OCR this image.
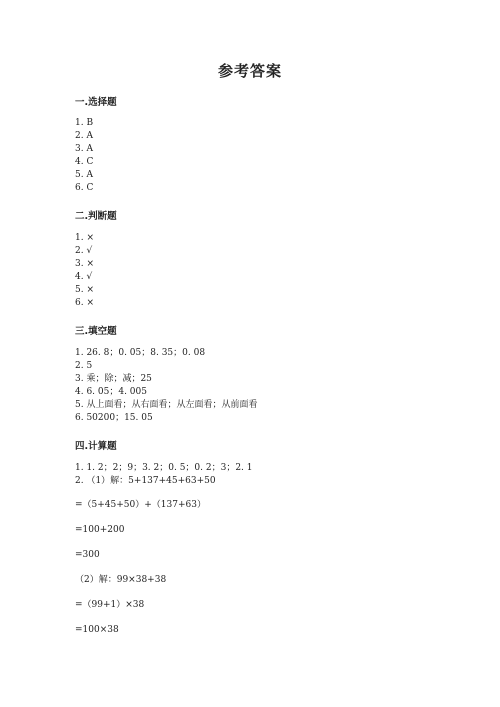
参考答案
一.选择题
1. B
2. A
3. A
4. C
5. A
6. C
二.判断题
1. ×
2. √
3. ×
4. √
5. ×
6. ×
三.填空题
1. 26. 8；0. 05；8. 35；0. 08
2. 5
3. 乘；除；减；25
4. 6. 05；4. 005
5. 从上面看；从右面看；从左面看；从前面看
6. 50200；15. 05
四.计算题
1. 1. 2；2；9；3. 2；0. 5；0. 2；3；2. 1
2. （1）解：5+137+45+63+50
=（5+45+50）+（137+63）
=100+200
=300
（2）解：99×38+38
=（99+1）×38
=100×38
